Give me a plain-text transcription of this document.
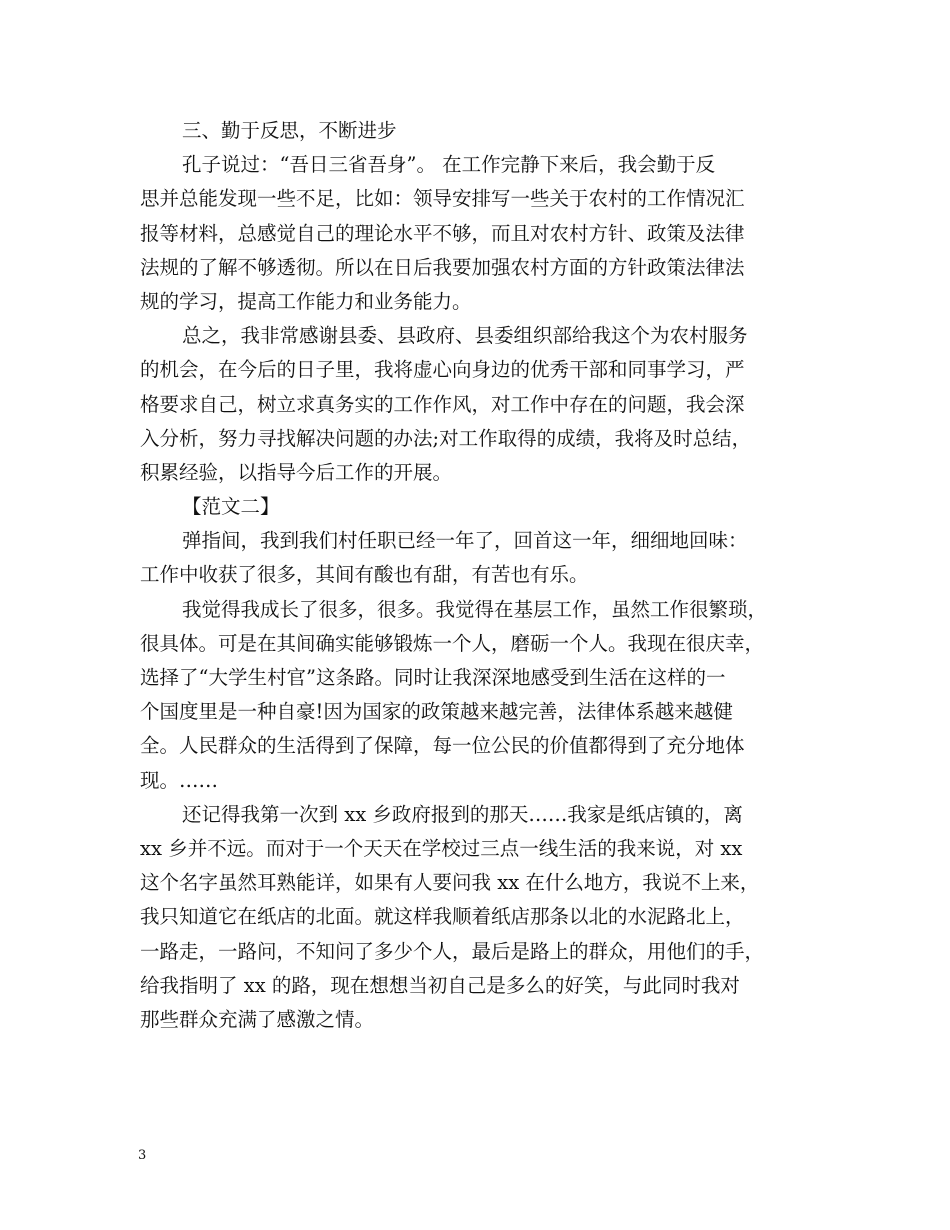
三、勤于反思，不断进步
孔子说过：“吾日三省吾身”。 在工作完静下来后，我会勤于反
思并总能发现一些不足，比如：领导安排写一些关于农村的工作情况汇
报等材料，总感觉自己的理论水平不够，而且对农村方针、政策及法律
法规的了解不够透彻。所以在日后我要加强农村方面的方针政策法律法
规的学习，提高工作能力和业务能力。
总之，我非常感谢县委、县政府、县委组织部给我这个为农村服务
的机会，在今后的日子里，我将虚心向身边的优秀干部和同事学习，严
格要求自己，树立求真务实的工作作风，对工作中存在的问题，我会深
入分析，努力寻找解决问题的办法;对工作取得的成绩，我将及时总结，
积累经验，以指导今后工作的开展。
【范文二】
弹指间，我到我们村任职已经一年了，回首这一年，细细地回味：
工作中收获了很多，其间有酸也有甜，有苦也有乐。
我觉得我成长了很多，很多。我觉得在基层工作，虽然工作很繁琐，
很具体。可是在其间确实能够锻炼一个人，磨砺一个人。我现在很庆幸，
选择了“大学生村官”这条路。同时让我深深地感受到生活在这样的一
个国度里是一种自豪!因为国家的政策越来越完善，法律体系越来越健
全。人民群众的生活得到了保障，每一位公民的价值都得到了充分地体
现。……
还记得我第一次到 xx 乡政府报到的那天……我家是纸店镇的，离
xx 乡并不远。而对于一个天天在学校过三点一线生活的我来说，对 xx
这个名字虽然耳熟能详，如果有人要问我 xx 在什么地方，我说不上来，
我只知道它在纸店的北面。就这样我顺着纸店那条以北的水泥路北上，
一路走，一路问，不知问了多少个人，最后是路上的群众，用他们的手，
给我指明了 xx 的路，现在想想当初自己是多么的好笑，与此同时我对
那些群众充满了感激之情。
3
